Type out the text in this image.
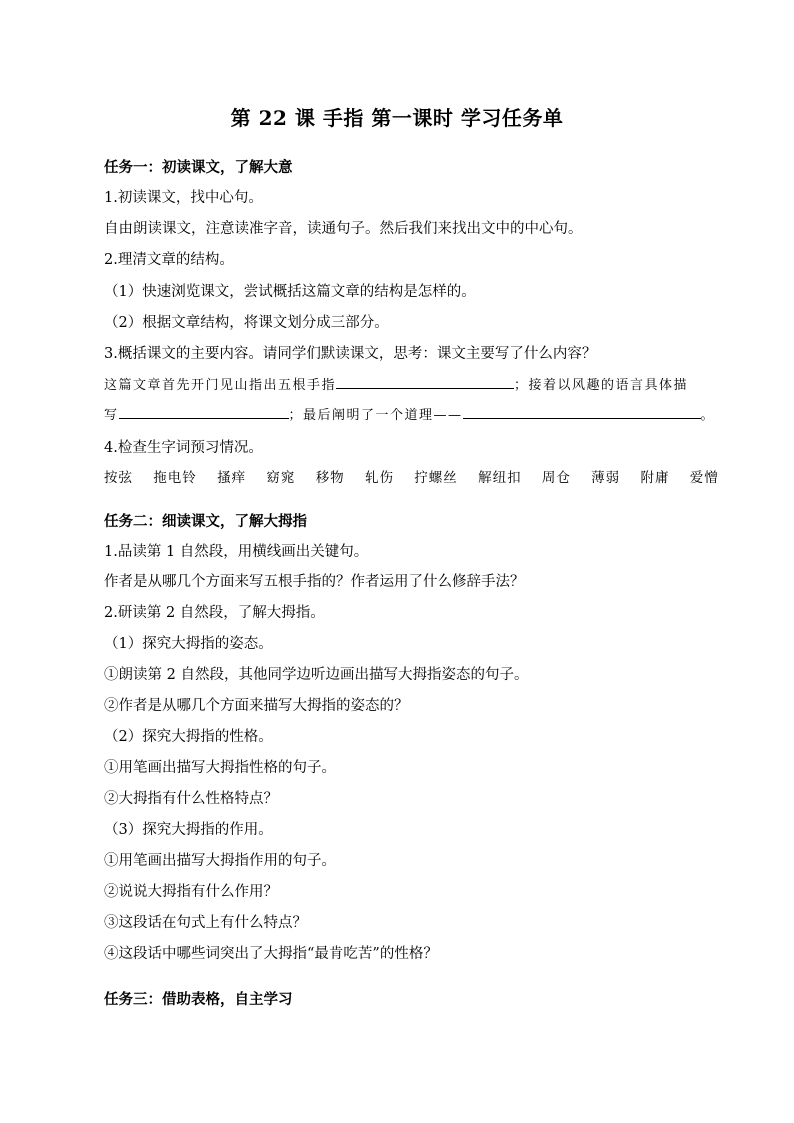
第 22 课 手指 第一课时 学习任务单
任务一：初读课文，了解大意
1.初读课文，找中心句。
自由朗读课文，注意读准字音，读通句子。然后我们来找出文中的中心句。
2.理清文章的结构。
（1）快速浏览课文，尝试概括这篇文章的结构是怎样的。
（2）根据文章结构，将课文划分成三部分。
3.概括课文的主要内容。请同学们默读课文，思考：课文主要写了什么内容？
这篇文章首先开门见山指出五根手指	；接着以风趣的语言具体描
写	；最后阐明了一个道理——	。
4.检查生字词预习情况。
按弦 拖电铃 搔痒 窈窕 移物 轧伤 拧螺丝 解纽扣 周仓 薄弱 附庸 爱憎
任务二：细读课文，了解大拇指
1.品读第 1 自然段，用横线画出关键句。
作者是从哪几个方面来写五根手指的？作者运用了什么修辞手法？
2.研读第 2 自然段，了解大拇指。
（1）探究大拇指的姿态。
①朗读第 2 自然段，其他同学边听边画出描写大拇指姿态的句子。
②作者是从哪几个方面来描写大拇指的姿态的？
（2）探究大拇指的性格。
①用笔画出描写大拇指性格的句子。
②大拇指有什么性格特点？
（3）探究大拇指的作用。
①用笔画出描写大拇指作用的句子。
②说说大拇指有什么作用？
③这段话在句式上有什么特点？
④这段话中哪些词突出了大拇指“最肯吃苦”的性格？
任务三：借助表格，自主学习
